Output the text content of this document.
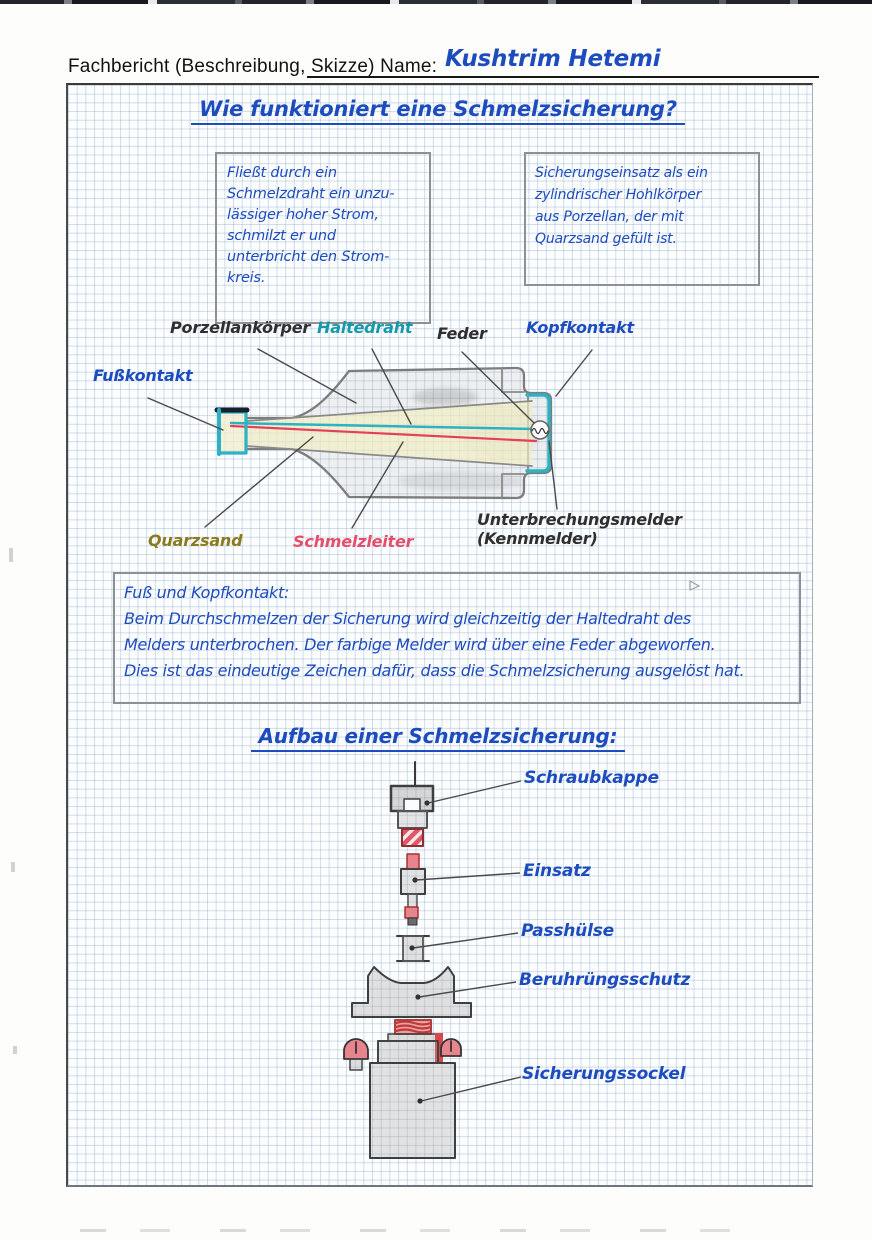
Fachbericht (Beschreibung, Skizze) Name: Kushtrim Hetemi
Wie funktioniert eine Schmelzsicherung?
Fließt durch ein
Schmelzdraht ein unzu-
lässiger hoher Strom,
schmilzt er und
unterbricht den Strom-
kreis.
Sicherungseinsatz als ein
zylindrischer Hohlkörper
aus Porzellan, der mit
Quarzsand gefült ist.
Fußkontakt
Porzellankörper Haltedraht Feder Kopfkontakt
Quarzsand	Schmelzleiter
Unterbrechungsmelder
(Kennmelder)
Fuß und Kopfkontakt:
Beim Durchschmelzen der Sicherung wird gleichzeitig der Haltedraht des
Melders unterbrochen. Der farbige Melder wird über eine Feder abgeworfen.
Dies ist das eindeutige Zeichen dafür, dass die Schmelzsicherung ausgelöst hat.
Aufbau einer Schmelzsicherung:
Schraubkappe
Einsatz
Passhülse
Beruhrüngsschutz
Sicherungssockel
